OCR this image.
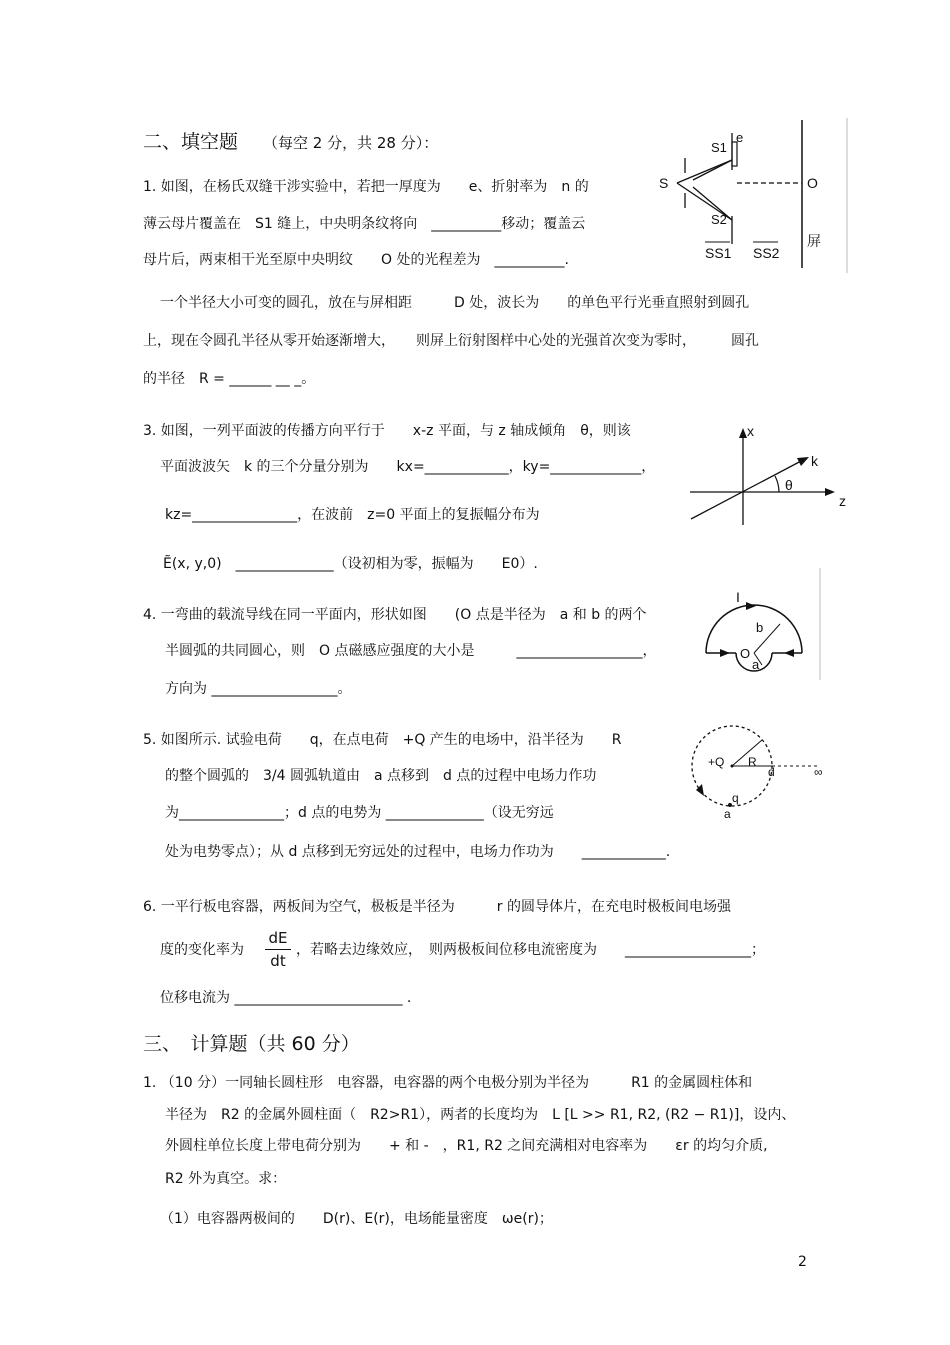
二、填空题 （每空 2 分，共 28 分）：
1. 如图，在杨氏双缝干涉实验中，若把一厚度为　　e、折射率为　n 的
薄云母片覆盖在　S1 缝上，中央明条纹将向　__________移动；覆盖云
母片后，两束相干光至原中央明纹　　O 处的光程差为　__________.
S
S1
e
S2
O
屏
SS1 SS2
一个半径大小可变的圆孔，放在与屏相距　　　D 处，波长为　　的单色平行光垂直照射到圆孔
上，现在令圆孔半径从零开始逐渐增大，　　则屏上衍射图样中心处的光强首次变为零时，　　　圆孔
的半径　R = ______ __ _。
3. 如图，一列平面波的传播方向平行于　　x-z 平面，与 z 轴成倾角　θ，则该
平面波波矢　k 的三个分量分别为　　kx=____________，ky=_____________，
kz=_______________，在波前　z=0 平面上的复振幅分布为
Ẽ(x, y,0)　______________（设初相为零，振幅为　　E0）.
x
z
k
θ
4. 一弯曲的载流导线在同一平面内，形状如图　　(O 点是半径为　a 和 b 的两个
半圆弧的共同圆心，则　O 点磁感应强度的大小是　　　__________________，
方向为 __________________。
I
b
O
a
5. 如图所示. 试验电荷　　q，在点电荷　+Q 产生的电场中，沿半径为　　R
的整个圆弧的　3/4 圆弧轨道由　a 点移到　d 点的过程中电场力作功
为_______________；d 点的电势为 ______________（设无穷远
处为电势零点）；从 d 点移到无穷远处的过程中，电场力作功为　　____________.
+Q R
d	∞
q
a
6. 一平行板电容器，两板间为空气，极板是半径为　　　r 的圆导体片，在充电时极板间电场强
度的变化率为
dE
dt
，若略去边缘效应，　则两极板间位移电流密度为　　__________________；
位移电流为 ________________________ .
三、　计算题（共 60 分）
1. （10 分）一同轴长圆柱形　电容器，电容器的两个电极分别为半径为　　　R1 的金属圆柱体和
半径为　R2 的金属外圆柱面（　R2>R1），两者的长度均为　L [L >> R1, R2, (R2 − R1)]，设内、
外圆柱单位长度上带电荷分别为　　+ 和 -　，R1, R2 之间充满相对电容率为　　εr 的均匀介质,
R2 外为真空。求：
（1）电容器两极间的　　D(r)、E(r)，电场能量密度　ωe(r)；
2
